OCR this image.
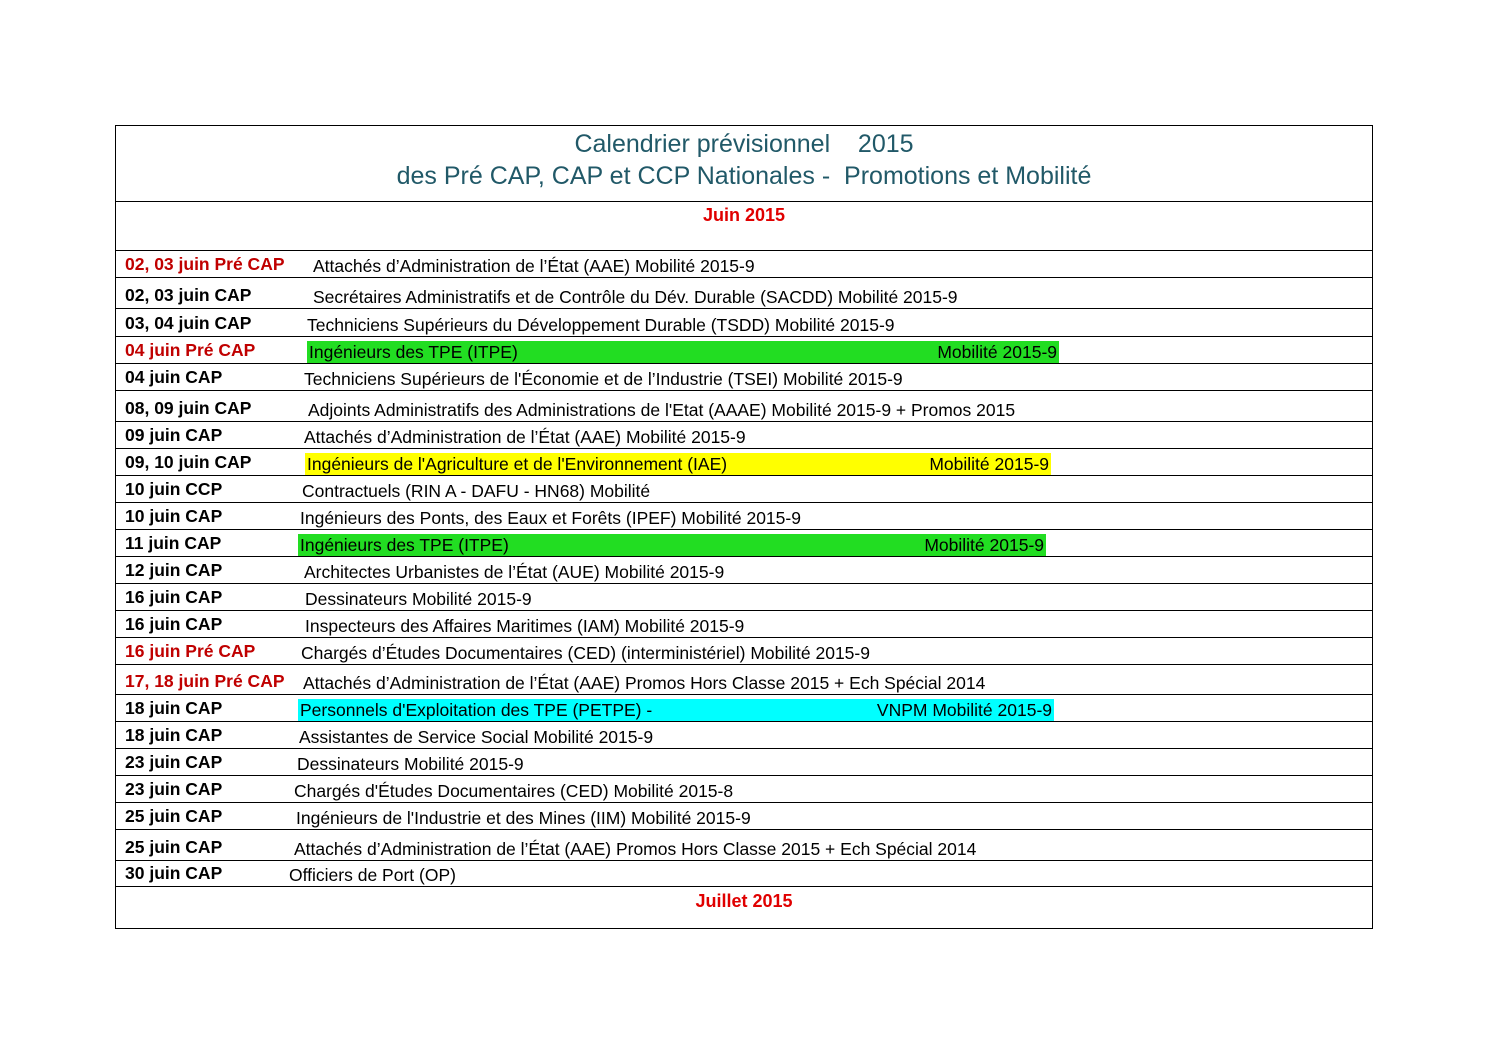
Calendrier prévisionnel    2015
des Pré CAP, CAP et CCP Nationales -  Promotions et Mobilité
Juin 2015
02, 03 juin Pré CAP Attachés d’Administration de l’État (AAE) Mobilité 2015-9
02, 03 juin CAP	Secrétaires Administratifs et de Contrôle du Dév. Durable (SACDD) Mobilité 2015-9
03, 04 juin CAP	Techniciens Supérieurs du Développement Durable (TSDD) Mobilité 2015-9
04 juin Pré CAP	Ingénieurs des TPE (ITPE)	Mobilité 2015-9
04 juin CAP	Techniciens Supérieurs de l'Économie et de l’Industrie (TSEI) Mobilité 2015-9
08, 09 juin CAP	Adjoints Administratifs des Administrations de l'Etat (AAAE) Mobilité 2015-9 + Promos 2015
09 juin CAP	Attachés d’Administration de l’État (AAE) Mobilité 2015-9
09, 10 juin CAP	Ingénieurs de l'Agriculture et de l'Environnement (IAE)	Mobilité 2015-9
10 juin CCP	Contractuels (RIN A - DAFU - HN68) Mobilité
10 juin CAP	Ingénieurs des Ponts, des Eaux et Forêts (IPEF) Mobilité 2015-9
11 juin CAP	Ingénieurs des TPE (ITPE)	Mobilité 2015-9
12 juin CAP	Architectes Urbanistes de l’État (AUE) Mobilité 2015-9
16 juin CAP	Dessinateurs Mobilité 2015-9
16 juin CAP	Inspecteurs des Affaires Maritimes (IAM) Mobilité 2015-9
16 juin Pré CAP	Chargés d’Études Documentaires (CED) (interministériel) Mobilité 2015-9
17, 18 juin Pré CAP Attachés d’Administration de l’État (AAE) Promos Hors Classe 2015 + Ech Spécial 2014
18 juin CAP	Personnels d'Exploitation des TPE (PETPE) -	VNPM Mobilité 2015-9
18 juin CAP	Assistantes de Service Social Mobilité 2015-9
23 juin CAP	Dessinateurs Mobilité 2015-9
23 juin CAP	Chargés d'Études Documentaires (CED) Mobilité 2015-8
25 juin CAP	Ingénieurs de l'Industrie et des Mines (IIM) Mobilité 2015-9
25 juin CAP	Attachés d’Administration de l’État (AAE) Promos Hors Classe 2015 + Ech Spécial 2014
30 juin CAP	Officiers de Port (OP)
Juillet 2015
